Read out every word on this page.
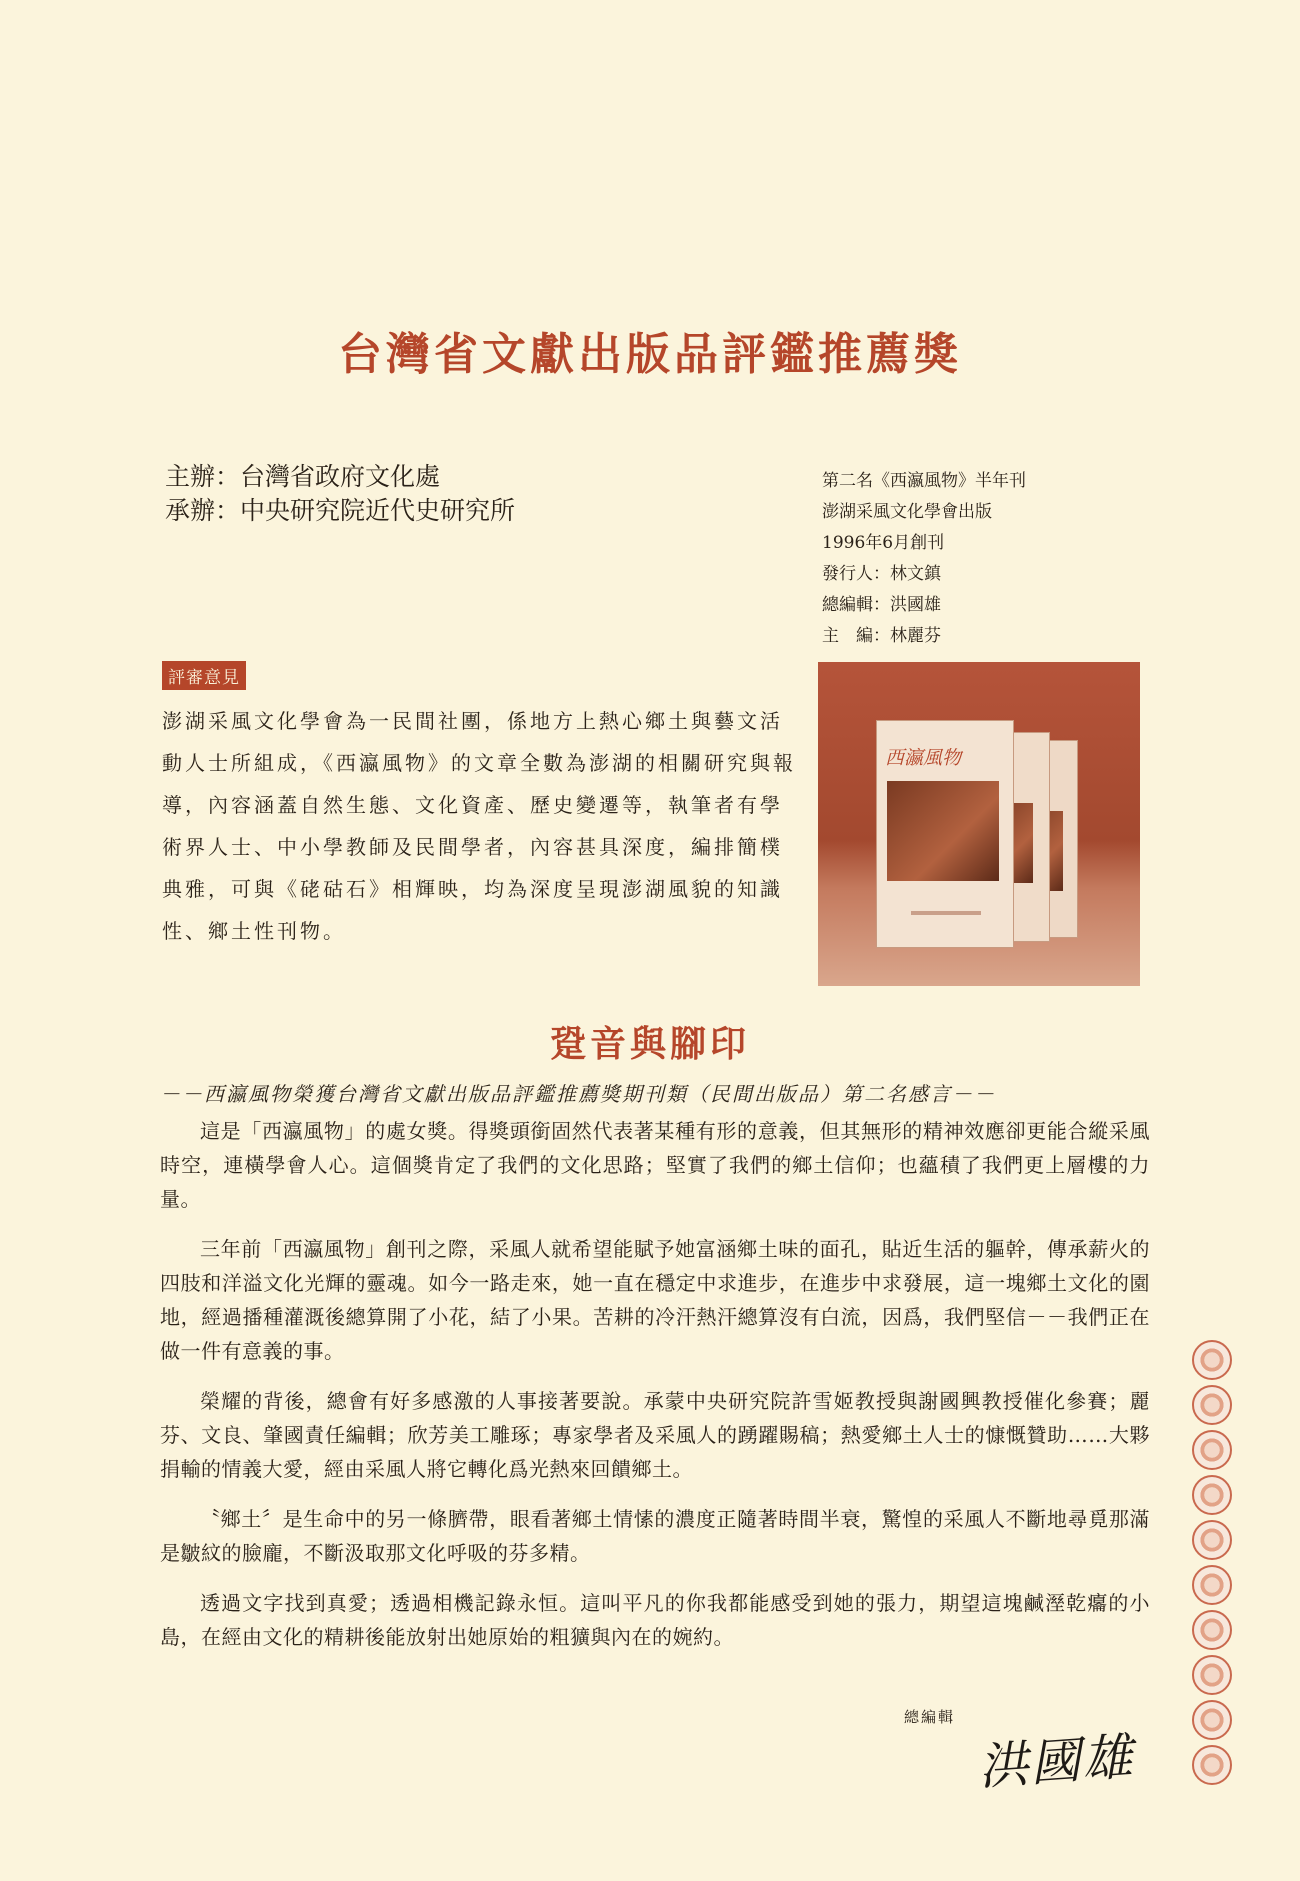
台灣省文獻出版品評鑑推薦獎
主辦：台灣省政府文化處
承辦：中央研究院近代史研究所
第二名《西瀛風物》半年刊
澎湖采風文化學會出版
1996年6月創刊
發行人：林文鎮
總編輯：洪國雄
主　編：林麗芬
評審意見

澎湖采風文化學會為一民間社團，係地方上熱心鄉土與藝文活動人士所組成，《西瀛風物》的文章全數為澎湖的相關研究與報導，內容涵蓋自然生態、文化資產、歷史變遷等，執筆者有學術界人士、中小學教師及民間學者，內容甚具深度，編排簡樸典雅，可與《硓𥑮石》相輝映，均為深度呈現澎湖風貌的知識性、鄉土性刊物。

西瀛風物
跫音與腳印
－－西瀛風物榮獲台灣省文獻出版品評鑑推薦獎期刊類（民間出版品）第二名感言－－

這是「西瀛風物」的處女獎。得獎頭銜固然代表著某種有形的意義，但其無形的精神效應卻更能合縱采風時空，連橫學會人心。這個獎肯定了我們的文化思路；堅實了我們的鄉土信仰；也蘊積了我們更上層樓的力量。

三年前「西瀛風物」創刊之際，采風人就希望能賦予她富涵鄉土味的面孔，貼近生活的軀幹，傳承薪火的四肢和洋溢文化光輝的靈魂。如今一路走來，她一直在穩定中求進步，在進步中求發展，這一塊鄉土文化的園地，經過播種灌溉後總算開了小花，結了小果。苦耕的冷汗熱汗總算沒有白流，因爲，我們堅信－－我們正在做一件有意義的事。

榮耀的背後，總會有好多感激的人事接著要說。承蒙中央研究院許雪姬教授與謝國興教授催化參賽；麗芬、文良、肇國責任編輯；欣芳美工雕琢；專家學者及采風人的踴躍賜稿；熱愛鄉土人士的慷慨贊助……大夥捐輸的情義大愛，經由采風人將它轉化爲光熱來回饋鄉土。

〝鄉土〞是生命中的另一條臍帶，眼看著鄉土情愫的濃度正隨著時間半衰，驚惶的采風人不斷地尋覓那滿是皺紋的臉龐，不斷汲取那文化呼吸的芬多精。

透過文字找到真愛；透過相機記錄永恒。這叫平凡的你我都能感受到她的張力，期望這塊鹹溼乾癟的小島，在經由文化的精耕後能放射出她原始的粗獷與內在的婉約。

總編輯
洪國雄
